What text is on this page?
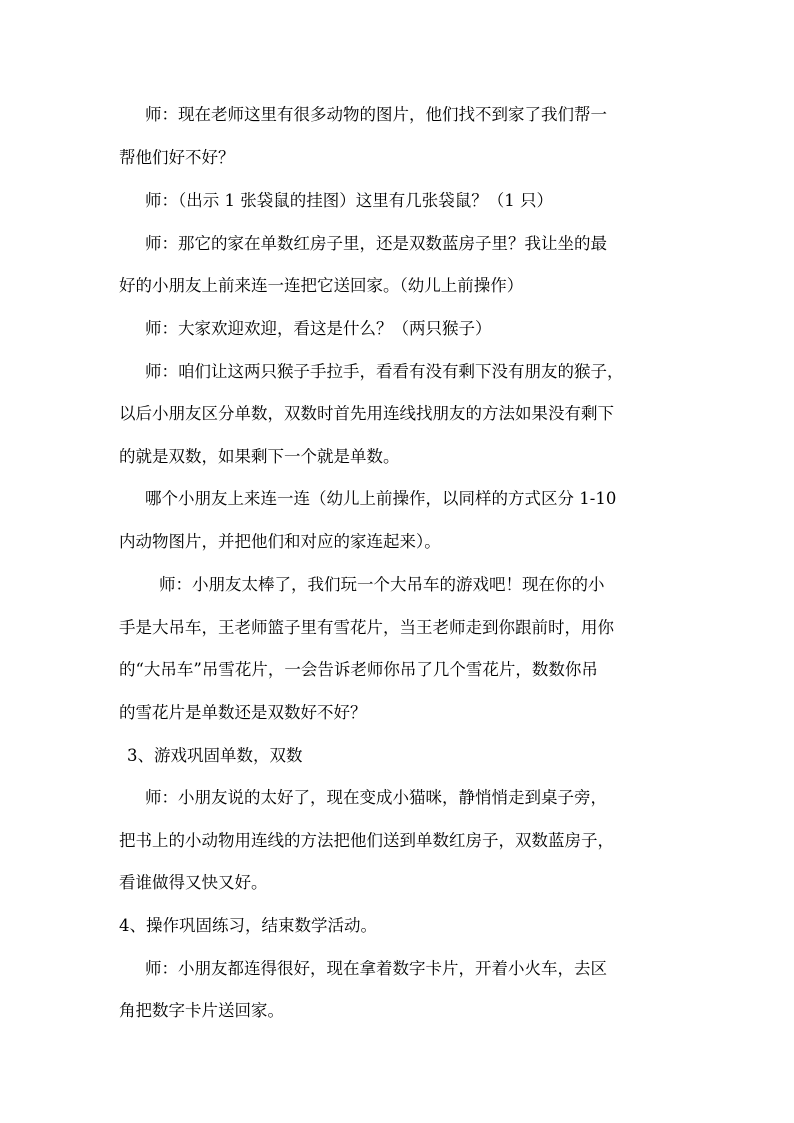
师：现在老师这里有很多动物的图片，他们找不到家了我们帮一
帮他们好不好？
师：（出示 1 张袋鼠的挂图）这里有几张袋鼠？（1 只）
师：那它的家在单数红房子里，还是双数蓝房子里？我让坐的最
好的小朋友上前来连一连把它送回家。（幼儿上前操作）
师：大家欢迎欢迎，看这是什么？（两只猴子）
师：咱们让这两只猴子手拉手，看看有没有剩下没有朋友的猴子，
以后小朋友区分单数，双数时首先用连线找朋友的方法如果没有剩下
的就是双数，如果剩下一个就是单数。
哪个小朋友上来连一连（幼儿上前操作，以同样的方式区分 1-10
内动物图片，并把他们和对应的家连起来）。
师：小朋友太棒了，我们玩一个大吊车的游戏吧！现在你的小
手是大吊车，王老师篮子里有雪花片，当王老师走到你跟前时，用你
的“大吊车”吊雪花片，一会告诉老师你吊了几个雪花片，数数你吊
的雪花片是单数还是双数好不好？
3、游戏巩固单数，双数
师：小朋友说的太好了，现在变成小猫咪，静悄悄走到桌子旁，
把书上的小动物用连线的方法把他们送到单数红房子，双数蓝房子，
看谁做得又快又好。
4、操作巩固练习，结束数学活动。
师：小朋友都连得很好，现在拿着数字卡片，开着小火车，去区
角把数字卡片送回家。
